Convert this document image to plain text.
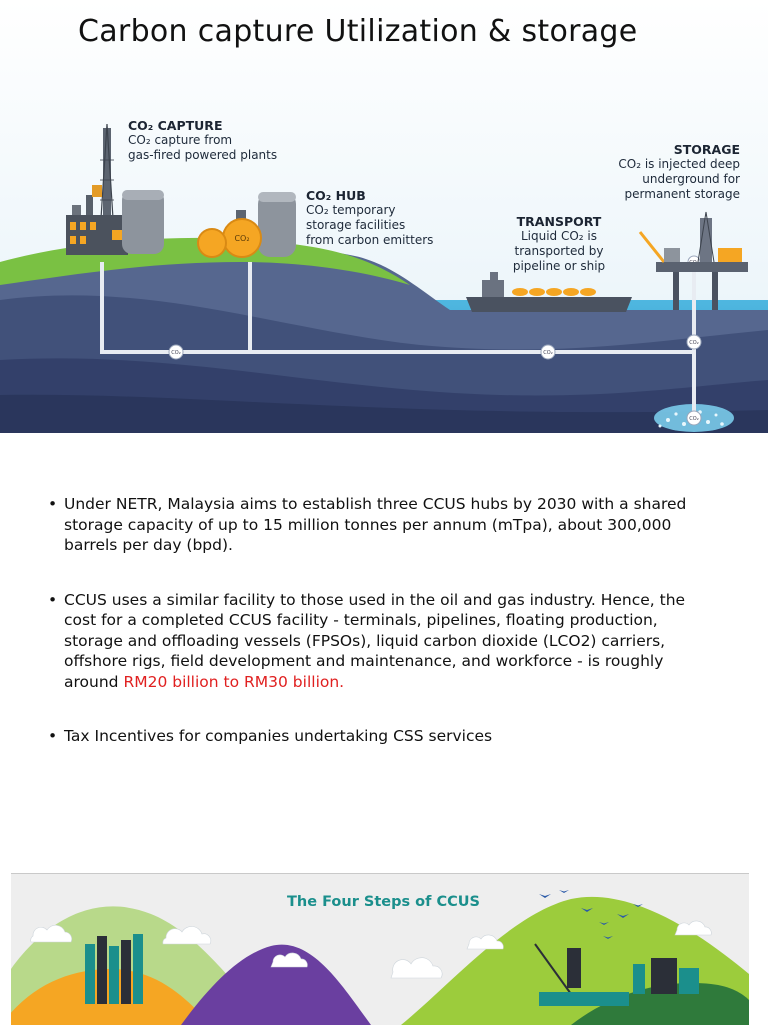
Carbon capture Utilization & storage
CO₂	CO₂
CO₂
CO₂
CO₂
CO₂ CAPTURE
CO₂ capture from
gas-fired powered plants
CO₂ HUB
CO₂ temporary
storage facilities
from carbon emitters
TRANSPORT
Liquid CO₂ is
transported by
pipeline or ship
STORAGE
CO₂ is injected deep
underground for
permanent storage
• Under NETR, Malaysia aims to establish three CCUS hubs by 2030 with a shared storage capacity of up to 15 million tonnes per annum (mTpa), about 300,000 barrels per day (bpd).
• CCUS uses a similar facility to those used in the oil and gas industry. Hence, the cost for a completed CCUS facility - terminals, pipelines, floating production, storage and offloading vessels (FPSOs), liquid carbon dioxide (LCO2) carriers, offshore rigs, field development and maintenance, and workforce - is roughly around RM20 billion to RM30 billion.
• Tax Incentives for companies undertaking CSS services
The Four Steps of CCUS
